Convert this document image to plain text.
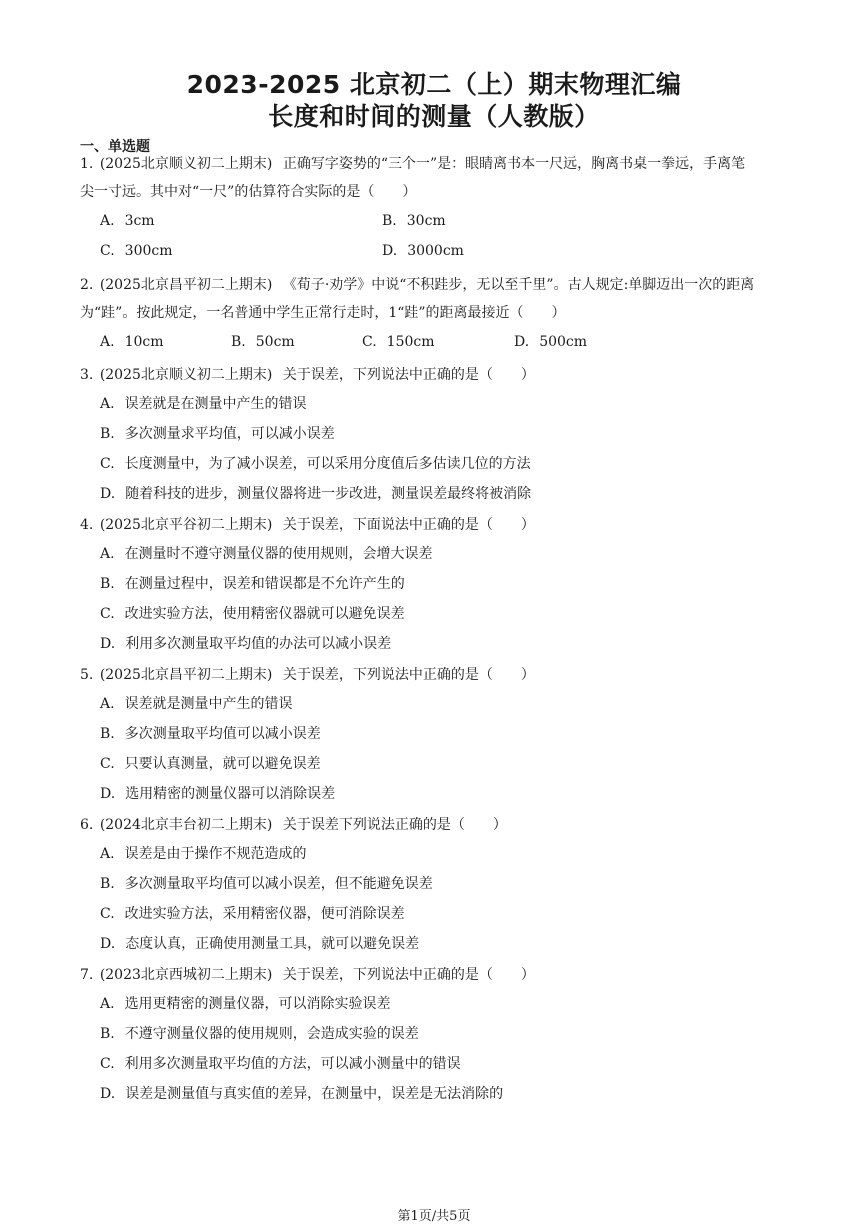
2023-2025 北京初二（上）期末物理汇编
长度和时间的测量（人教版）
一、单选题
1. (2025北京顺义初二上期末) 正确写字姿势的“三个一”是：眼睛离书本一尺远，胸离书桌一拳远，手离笔
尖一寸远。其中对“一尺”的估算符合实际的是（　　）
A. 3cm	B. 30cm
C. 300cm	D. 3000cm
2. (2025北京昌平初二上期末) 《荀子·劝学》中说“不积跬步，无以至千里”。古人规定:单脚迈出一次的距离
为“跬”。按此规定，一名普通中学生正常行走时，1“跬”的距离最接近（　　）
A. 10cm	B. 50cm	C. 150cm	D. 500cm
3. (2025北京顺义初二上期末) 关于误差，下列说法中正确的是（　　）
A. 误差就是在测量中产生的错误
B. 多次测量求平均值，可以减小误差
C. 长度测量中，为了减小误差，可以采用分度值后多估读几位的方法
D. 随着科技的进步，测量仪器将进一步改进，测量误差最终将被消除
4. (2025北京平谷初二上期末) 关于误差，下面说法中正确的是（　　）
A. 在测量时不遵守测量仪器的使用规则，会增大误差
B. 在测量过程中，误差和错误都是不允许产生的
C. 改进实验方法，使用精密仪器就可以避免误差
D. 利用多次测量取平均值的办法可以减小误差
5. (2025北京昌平初二上期末) 关于误差，下列说法中正确的是（　　）
A. 误差就是测量中产生的错误
B. 多次测量取平均值可以减小误差
C. 只要认真测量，就可以避免误差
D. 选用精密的测量仪器可以消除误差
6. (2024北京丰台初二上期末) 关于误差下列说法正确的是（　　）
A. 误差是由于操作不规范造成的
B. 多次测量取平均值可以减小误差，但不能避免误差
C. 改进实验方法，采用精密仪器，便可消除误差
D. 态度认真，正确使用测量工具，就可以避免误差
7. (2023北京西城初二上期末) 关于误差，下列说法中正确的是（　　）
A. 选用更精密的测量仪器，可以消除实验误差
B. 不遵守测量仪器的使用规则，会造成实验的误差
C. 利用多次测量取平均值的方法，可以减小测量中的错误
D. 误差是测量值与真实值的差异，在测量中，误差是无法消除的
第1页/共5页
